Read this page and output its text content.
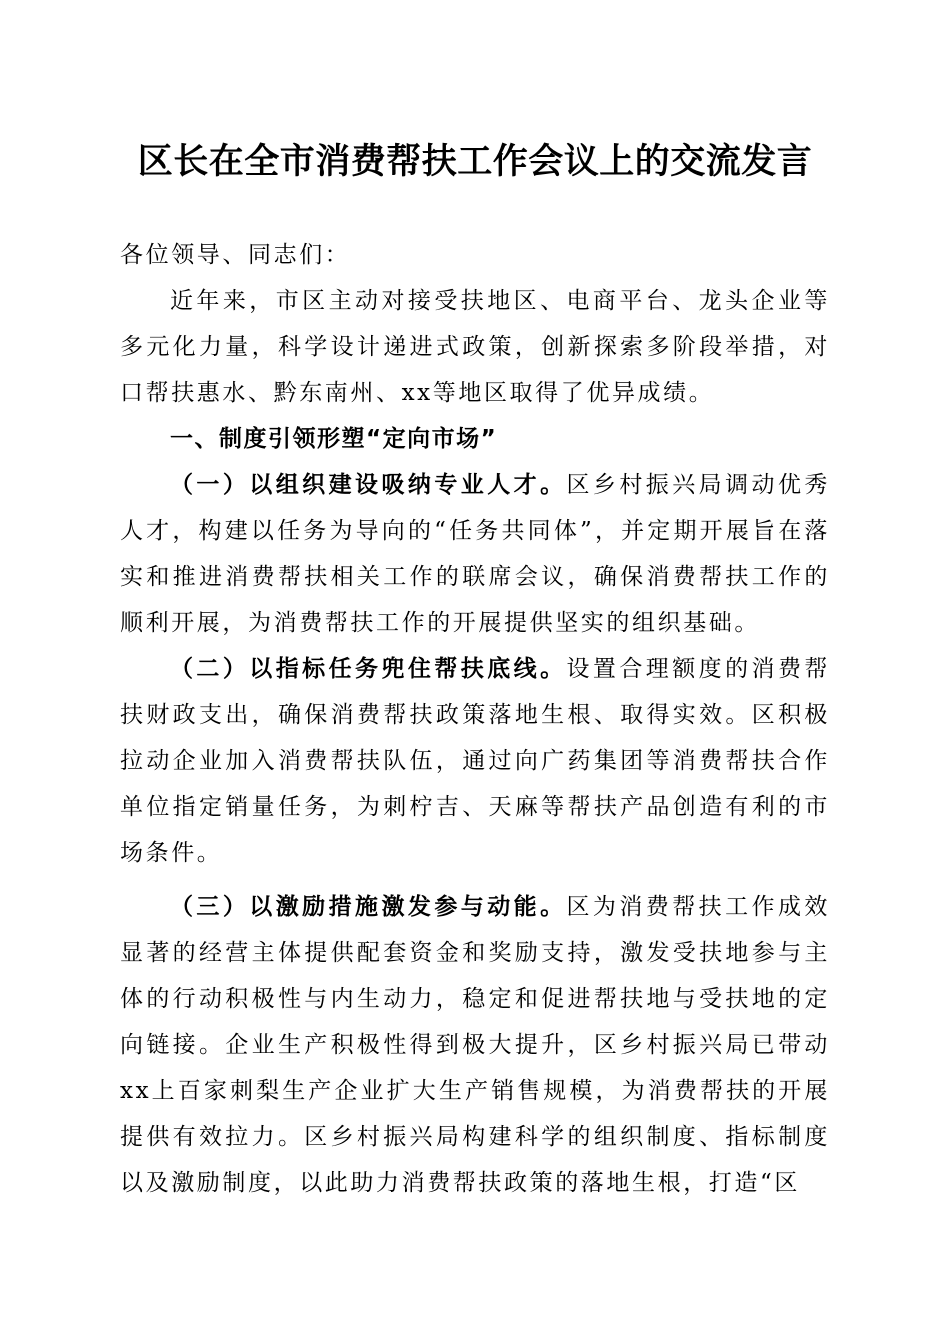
区长在全市消费帮扶工作会议上的交流发言

各位领导、同志们：

近年来，市区主动对接受扶地区、电商平台、龙头企业等多元化力量，科学设计递进式政策，创新探索多阶段举措，对口帮扶惠水、黔东南州、xx等地区取得了优异成绩。

一、制度引领形塑“定向市场”

（一）以组织建设吸纳专业人才。区乡村振兴局调动优秀人才，构建以任务为导向的“任务共同体”，并定期开展旨在落实和推进消费帮扶相关工作的联席会议，确保消费帮扶工作的顺利开展，为消费帮扶工作的开展提供坚实的组织基础。

（二）以指标任务兜住帮扶底线。设置合理额度的消费帮扶财政支出，确保消费帮扶政策落地生根、取得实效。区积极拉动企业加入消费帮扶队伍，通过向广药集团等消费帮扶合作单位指定销量任务，为刺柠吉、天麻等帮扶产品创造有利的市场条件。

（三）以激励措施激发参与动能。区为消费帮扶工作成效显著的经营主体提供配套资金和奖励支持，激发受扶地参与主体的行动积极性与内生动力，稳定和促进帮扶地与受扶地的定向链接。企业生产积极性得到极大提升，区乡村振兴局已带动xx上百家刺梨生产企业扩大生产销售规模，为消费帮扶的开展提供有效拉力。区乡村振兴局构建科学的组织制度、指标制度以及激励制度，以此助力消费帮扶政策的落地生根，打造“区
